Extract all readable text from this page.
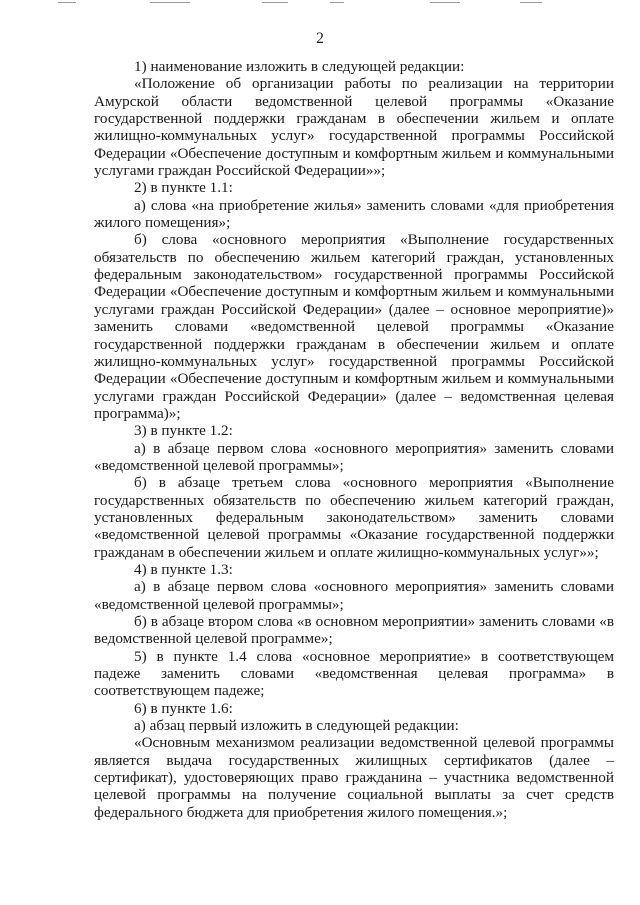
2

1) наименование изложить в следующей редакции:

«Положение об организации работы по реализации на территории Амурской области ведомственной целевой программы «Оказание государственной поддержки гражданам в обеспечении жильем и оплате жилищно-коммунальных услуг» государственной программы Российской Федерации «Обеспечение доступным и комфортным жильем и коммунальными услугами граждан Российской Федерации»»;

2) в пункте 1.1:

а) слова «на приобретение жилья» заменить словами «для приобретения жилого помещения»;

б) слова «основного мероприятия «Выполнение государственных обязательств по обеспечению жильем категорий граждан, установленных федеральным законодательством» государственной программы Российской Федерации «Обеспечение доступным и комфортным жильем и коммунальными услугами граждан Российской Федерации» (далее – основное мероприятие)» заменить словами «ведомственной целевой программы «Оказание государственной поддержки гражданам в обеспечении жильем и оплате жилищно-коммунальных услуг» государственной программы Российской Федерации «Обеспечение доступным и комфортным жильем и коммунальными услугами граждан Российской Федерации» (далее – ведомственная целевая программа)»;

3) в пункте 1.2:

а) в абзаце первом слова «основного мероприятия» заменить словами «ведомственной целевой программы»;

б) в абзаце третьем слова «основного мероприятия «Выполнение государственных обязательств по обеспечению жильем категорий граждан, установленных федеральным законодательством» заменить словами «ведомственной целевой программы «Оказание государственной поддержки гражданам в обеспечении жильем и оплате жилищно-коммунальных услуг»»;

4) в пункте 1.3:

а) в абзаце первом слова «основного мероприятия» заменить словами «ведомственной целевой программы»;

б) в абзаце втором слова «в основном мероприятии» заменить словами «в ведомственной целевой программе»;

5) в пункте 1.4 слова «основное мероприятие» в соответствующем падеже заменить словами «ведомственная целевая программа» в соответствующем падеже;

6) в пункте 1.6:

а) абзац первый изложить в следующей редакции:

«Основным механизмом реализации ведомственной целевой программы является выдача государственных жилищных сертификатов (далее – сертификат), удостоверяющих право гражданина – участника ведомственной целевой программы на получение социальной выплаты за счет средств федерального бюджета для приобретения жилого помещения.»;
